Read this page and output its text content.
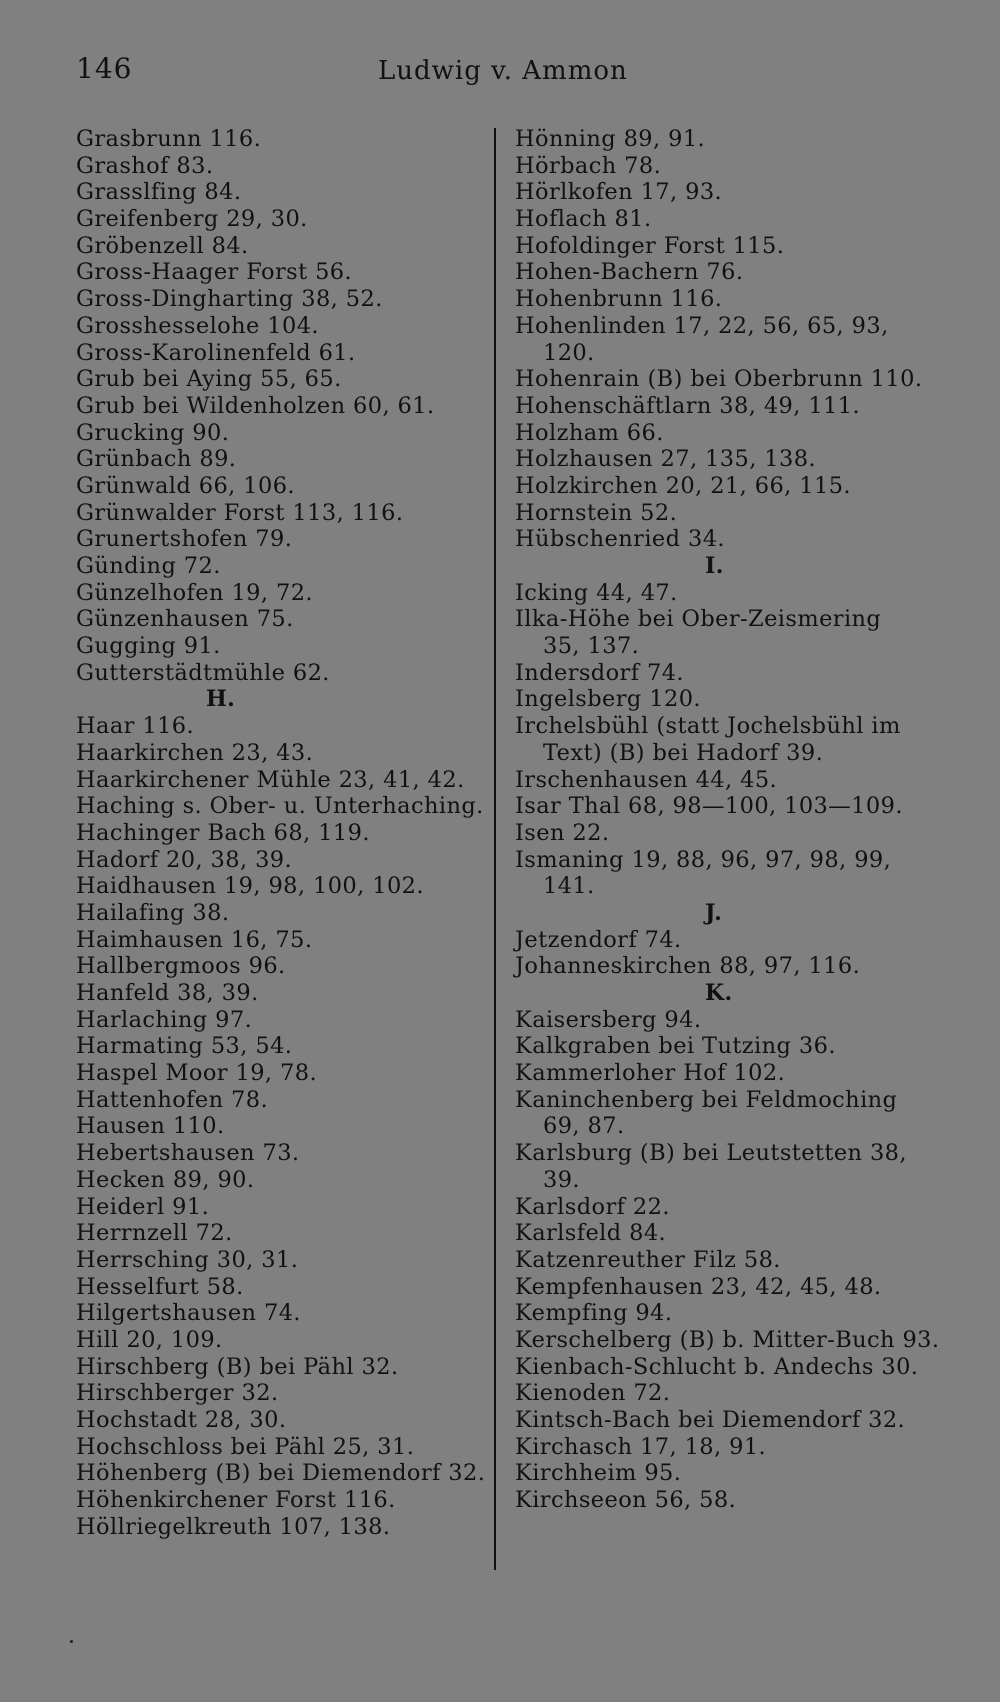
146	Ludwig v. Ammon
Grasbrunn 116.
Grashof 83.
Grasslfing 84.
Greifenberg 29, 30.
Gröbenzell 84.
Gross-Haager Forst 56.
Gross-Dingharting 38, 52.
Grosshesselohe 104.
Gross-Karolinenfeld 61.
Grub bei Aying 55, 65.
Grub bei Wildenholzen 60, 61.
Grucking 90.
Grünbach 89.
Grünwald 66, 106.
Grünwalder Forst 113, 116.
Grunertshofen 79.
Günding 72.
Günzelhofen 19, 72.
Günzenhausen 75.
Gugging 91.
Gutterstädtmühle 62.
H.
Haar 116.
Haarkirchen 23, 43.
Haarkirchener Mühle 23, 41, 42.
Haching s. Ober- u. Unterhaching.
Hachinger Bach 68, 119.
Hadorf 20, 38, 39.
Haidhausen 19, 98, 100, 102.
Hailafing 38.
Haimhausen 16, 75.
Hallbergmoos 96.
Hanfeld 38, 39.
Harlaching 97.
Harmating 53, 54.
Haspel Moor 19, 78.
Hattenhofen 78.
Hausen 110.
Hebertshausen 73.
Hecken 89, 90.
Heiderl 91.
Herrnzell 72.
Herrsching 30, 31.
Hesselfurt 58.
Hilgertshausen 74.
Hill 20, 109.
Hirschberg (B) bei Pähl 32.
Hirschberger 32.
Hochstadt 28, 30.
Hochschloss bei Pähl 25, 31.
Höhenberg (B) bei Diemendorf 32.
Höhenkirchener Forst 116.
Höllriegelkreuth 107, 138.
Hönning 89, 91.
Hörbach 78.
Hörlkofen 17, 93.
Hoflach 81.
Hofoldinger Forst 115.
Hohen-Bachern 76.
Hohenbrunn 116.
Hohenlinden 17, 22, 56, 65, 93,
120.
Hohenrain (B) bei Oberbrunn 110.
Hohenschäftlarn 38, 49, 111.
Holzham 66.
Holzhausen 27, 135, 138.
Holzkirchen 20, 21, 66, 115.
Hornstein 52.
Hübschenried 34.
I.
Icking 44, 47.
Ilka-Höhe bei Ober-Zeismering
35, 137.
Indersdorf 74.
Ingelsberg 120.
Irchelsbühl (statt Jochelsbühl im
Text) (B) bei Hadorf 39.
Irschenhausen 44, 45.
Isar Thal 68, 98—100, 103—109.
Isen 22.
Ismaning 19, 88, 96, 97, 98, 99,
141.
J.
Jetzendorf 74.
Johanneskirchen 88, 97, 116.
K.
Kaisersberg 94.
Kalkgraben bei Tutzing 36.
Kammerloher Hof 102.
Kaninchenberg bei Feldmoching
69, 87.
Karlsburg (B) bei Leutstetten 38,
39.
Karlsdorf 22.
Karlsfeld 84.
Katzenreuther Filz 58.
Kempfenhausen 23, 42, 45, 48.
Kempfing 94.
Kerschelberg (B) b. Mitter-Buch 93.
Kienbach-Schlucht b. Andechs 30.
Kienoden 72.
Kintsch-Bach bei Diemendorf 32.
Kirchasch 17, 18, 91.
Kirchheim 95.
Kirchseeon 56, 58.
